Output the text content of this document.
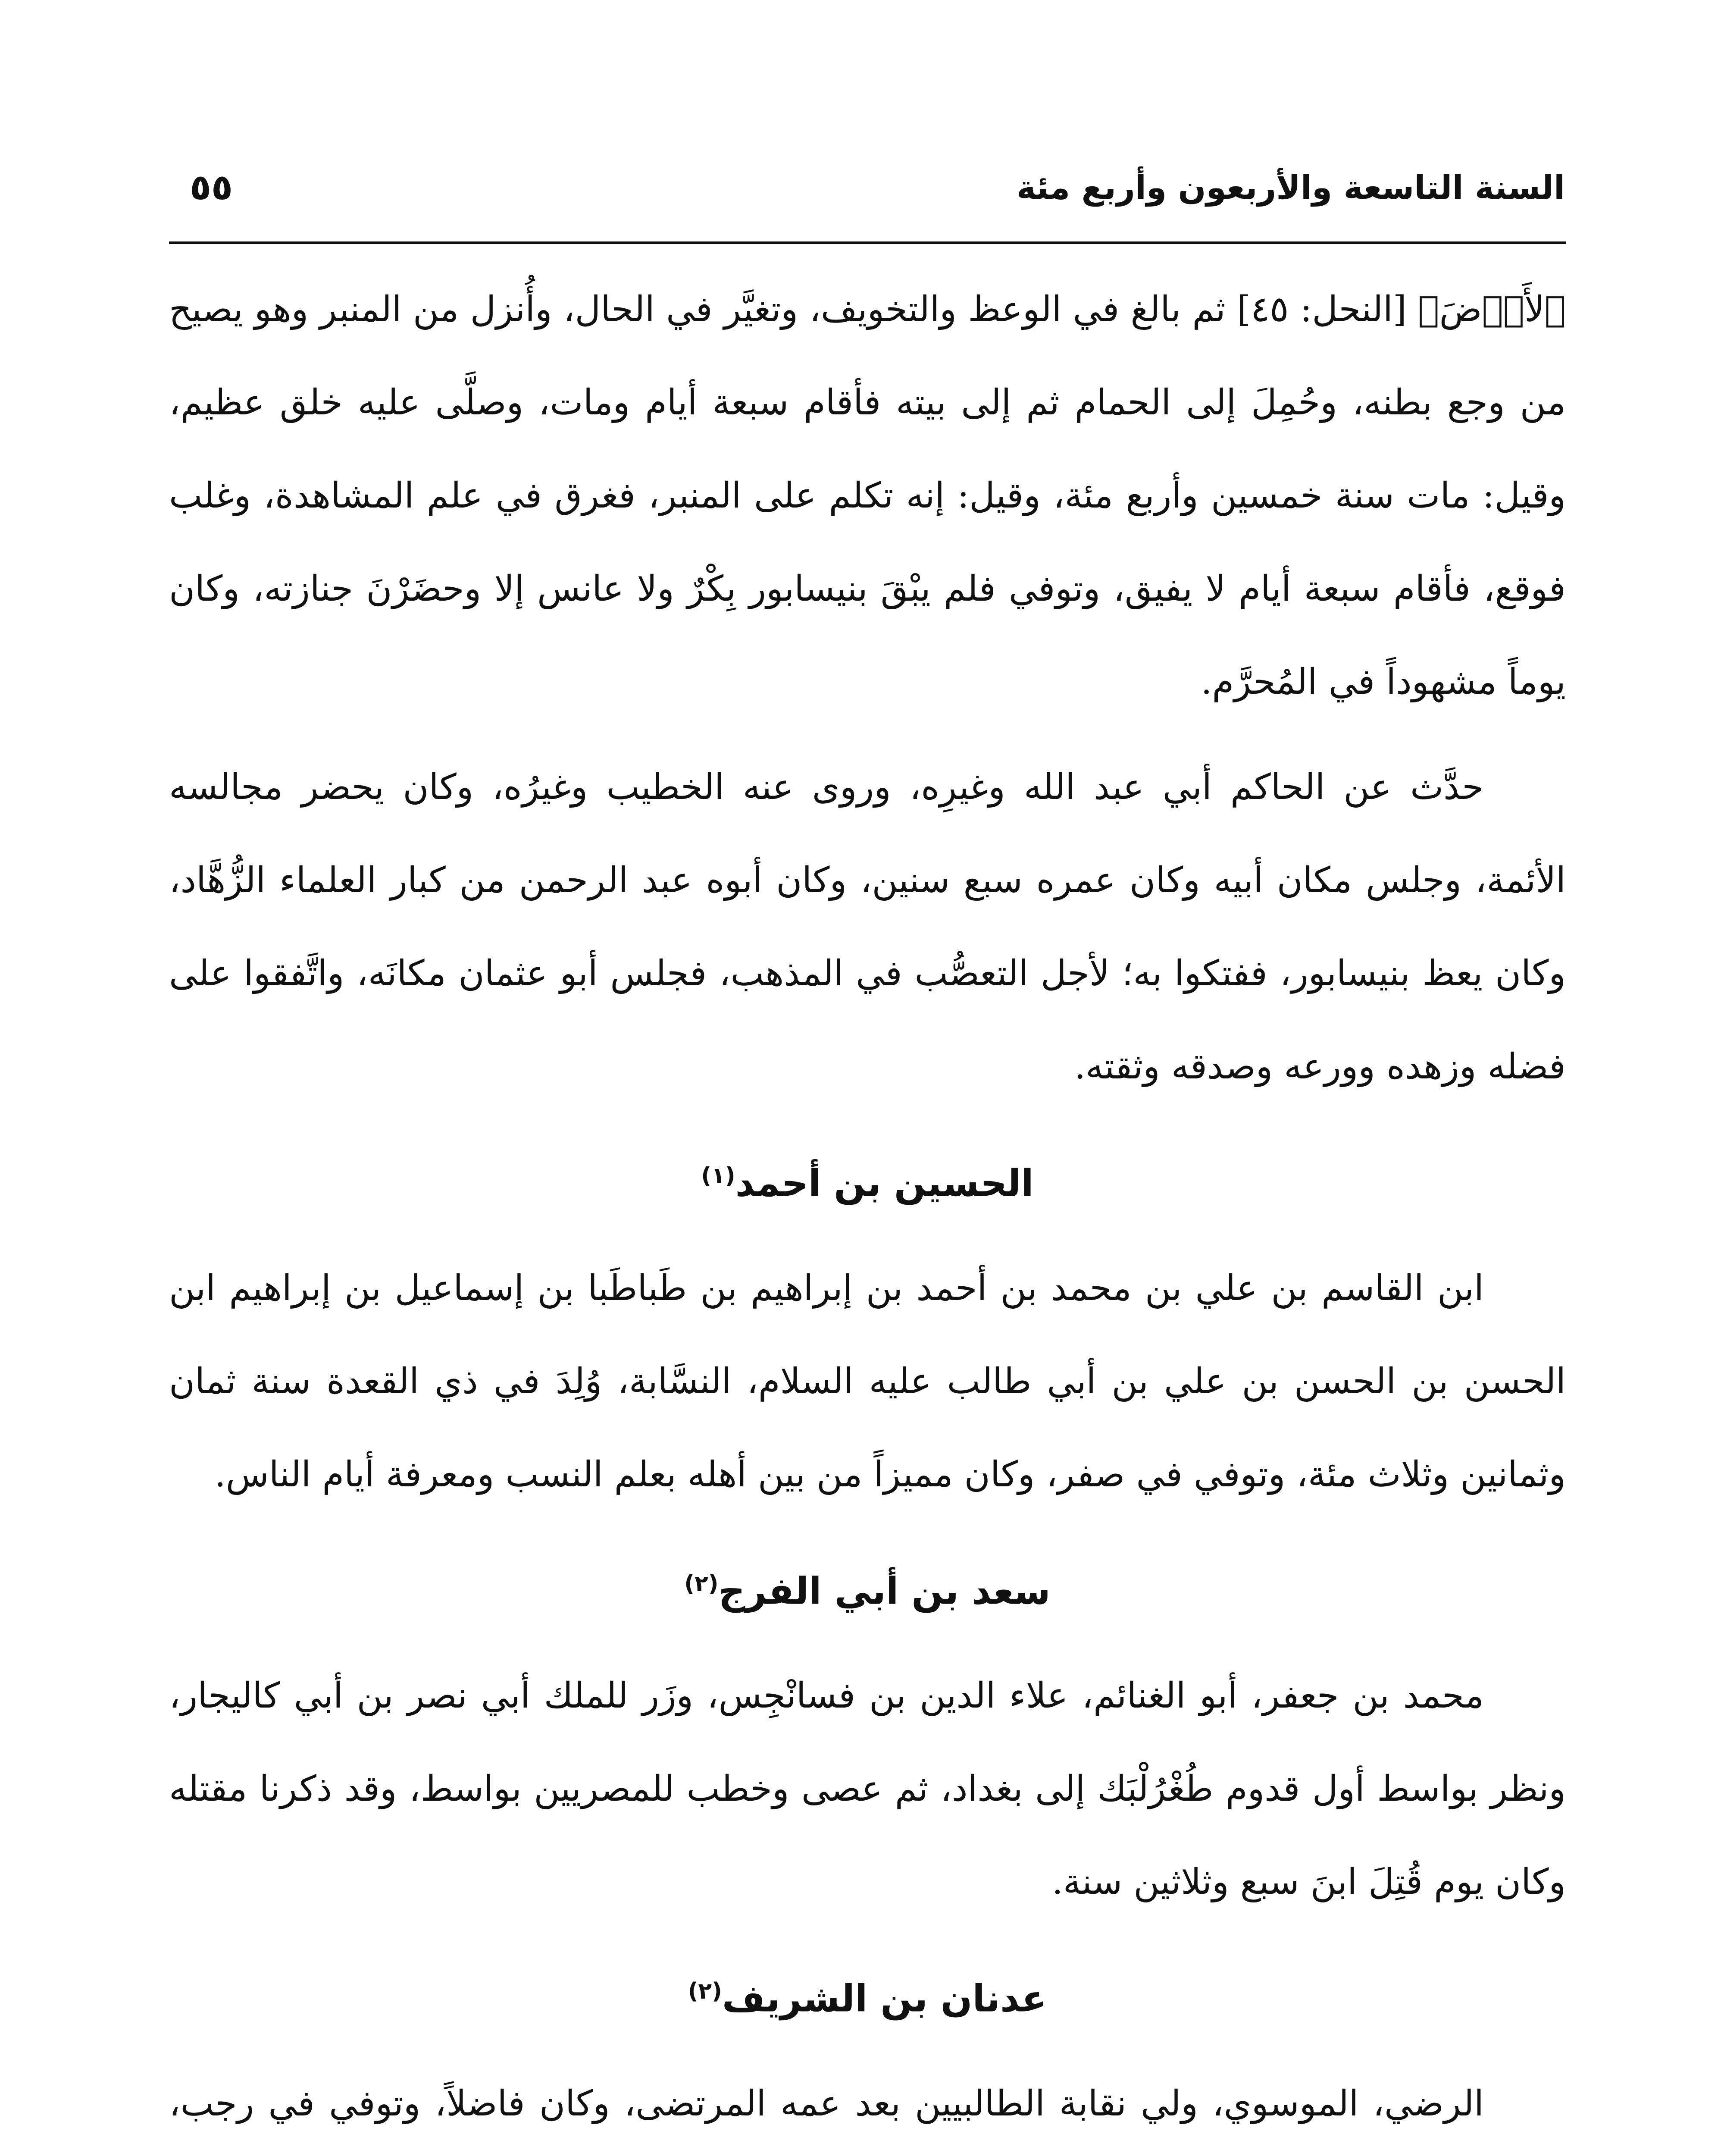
السنة التاسعة والأربعون وأربع مئة
٥٥

ﭐﻷَﺭۡﺽَ﴾ [النحل: ٤٥] ثم بالغ في الوعظ والتخويف، وتغيَّر في الحال، وأُنزل من المنبر وهو يصيح من وجع بطنه، وحُمِلَ إلى الحمام ثم إلى بيته فأقام سبعة أيام ومات، وصلَّى عليه خلق عظيم، وقيل: مات سنة خمسين وأربع مئة، وقيل: إنه تكلم على المنبر، فغرق في علم المشاهدة، وغلب فوقع، فأقام سبعة أيام لا يفيق، وتوفي فلم يبْقَ بنيسابور بِكْرٌ ولا عانس إلا وحضَرْنَ جنازته، وكان يوماً مشهوداً في المُحرَّم.

حدَّث عن الحاكم أبي عبد الله وغيرِه، وروى عنه الخطيب وغيرُه، وكان يحضر مجالسه الأئمة، وجلس مكان أبيه وكان عمره سبع سنين، وكان أبوه عبد الرحمن من كبار العلماء الزُّهَّاد، وكان يعظ بنيسابور، ففتكوا به؛ لأجل التعصُّب في المذهب، فجلس أبو عثمان مكانَه، واتَّفقوا على فضله وزهده وورعه وصدقه وثقته.

الحسين بن أحمد$^{(١)}$

ابن القاسم بن علي بن محمد بن أحمد بن إبراهيم بن طَباطَبا بن إسماعيل بن إبراهيم ابن الحسن بن الحسن بن علي بن أبي طالب عليه السلام، النسَّابة، وُلِدَ في ذي القعدة سنة ثمان وثمانين وثلاث مئة، وتوفي في صفر، وكان مميزاً من بين أهله بعلم النسب ومعرفة أيام الناس.

سعد بن أبي الفرج$^{(٢)}$

محمد بن جعفر، أبو الغنائم، علاء الدين بن فسانْجِس، وزَر للملك أبي نصر بن أبي كاليجار، ونظر بواسط أول قدوم طُغْرُلْبَك إلى بغداد، ثم عصى وخطب للمصريين بواسط، وقد ذكرنا مقتله وكان يوم قُتِلَ ابنَ سبع وثلاثين سنة.

عدنان بن الشريف$^{(٢)}$

الرضي، الموسوي، ولي نقابة الطالبيين بعد عمه المرتضى، وكان فاضلاً، وتوفي في رجب،
